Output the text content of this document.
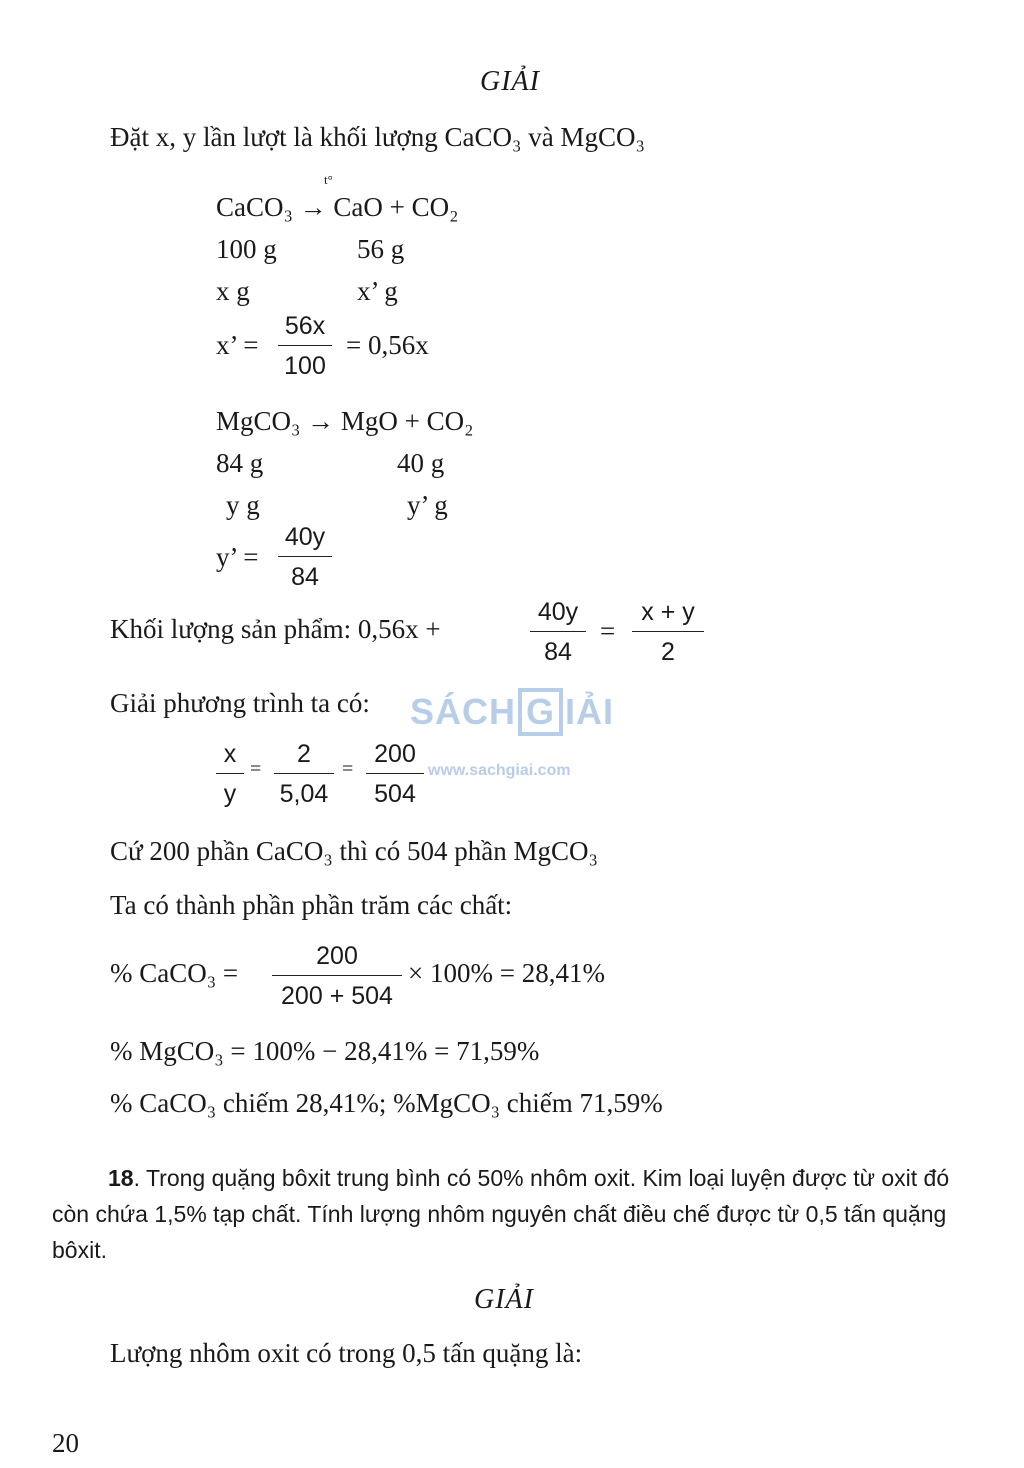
GIẢI
Đặt x, y lần lượt là khối lượng CaCO₃ và MgCO₃
t°
CaCO₃ → CaO + CO₂
100 g	56 g
x g	x’ g
x’ =
56x
100
= 0,56x
MgCO₃ → MgO + CO₂
84 g	40 g
y g	y’ g
y’ =
40y
84
Khối lượng sản phẩm: 0,56x +
40y
84
=
x + y
2
Giải phương trình ta có: SÁCH G IẢI
www.sachgiai.com
x
y
=
2
5,04
=
200
504
Cứ 200 phần CaCO₃ thì có 504 phần MgCO₃
Ta có thành phần phần trăm các chất:
% CaCO₃ =
200
200 + 504
× 100% = 28,41%
% MgCO₃ = 100% − 28,41% = 71,59%
% CaCO₃ chiếm 28,41%; %MgCO₃ chiếm 71,59%
18. Trong quặng bôxit trung bình có 50% nhôm oxit. Kim loại luyện được từ oxit đó còn chứa 1,5% tạp chất. Tính lượng nhôm nguyên chất điều chế được từ 0,5 tấn quặng bôxit.
GIẢI
Lượng nhôm oxit có trong 0,5 tấn quặng là:
20
